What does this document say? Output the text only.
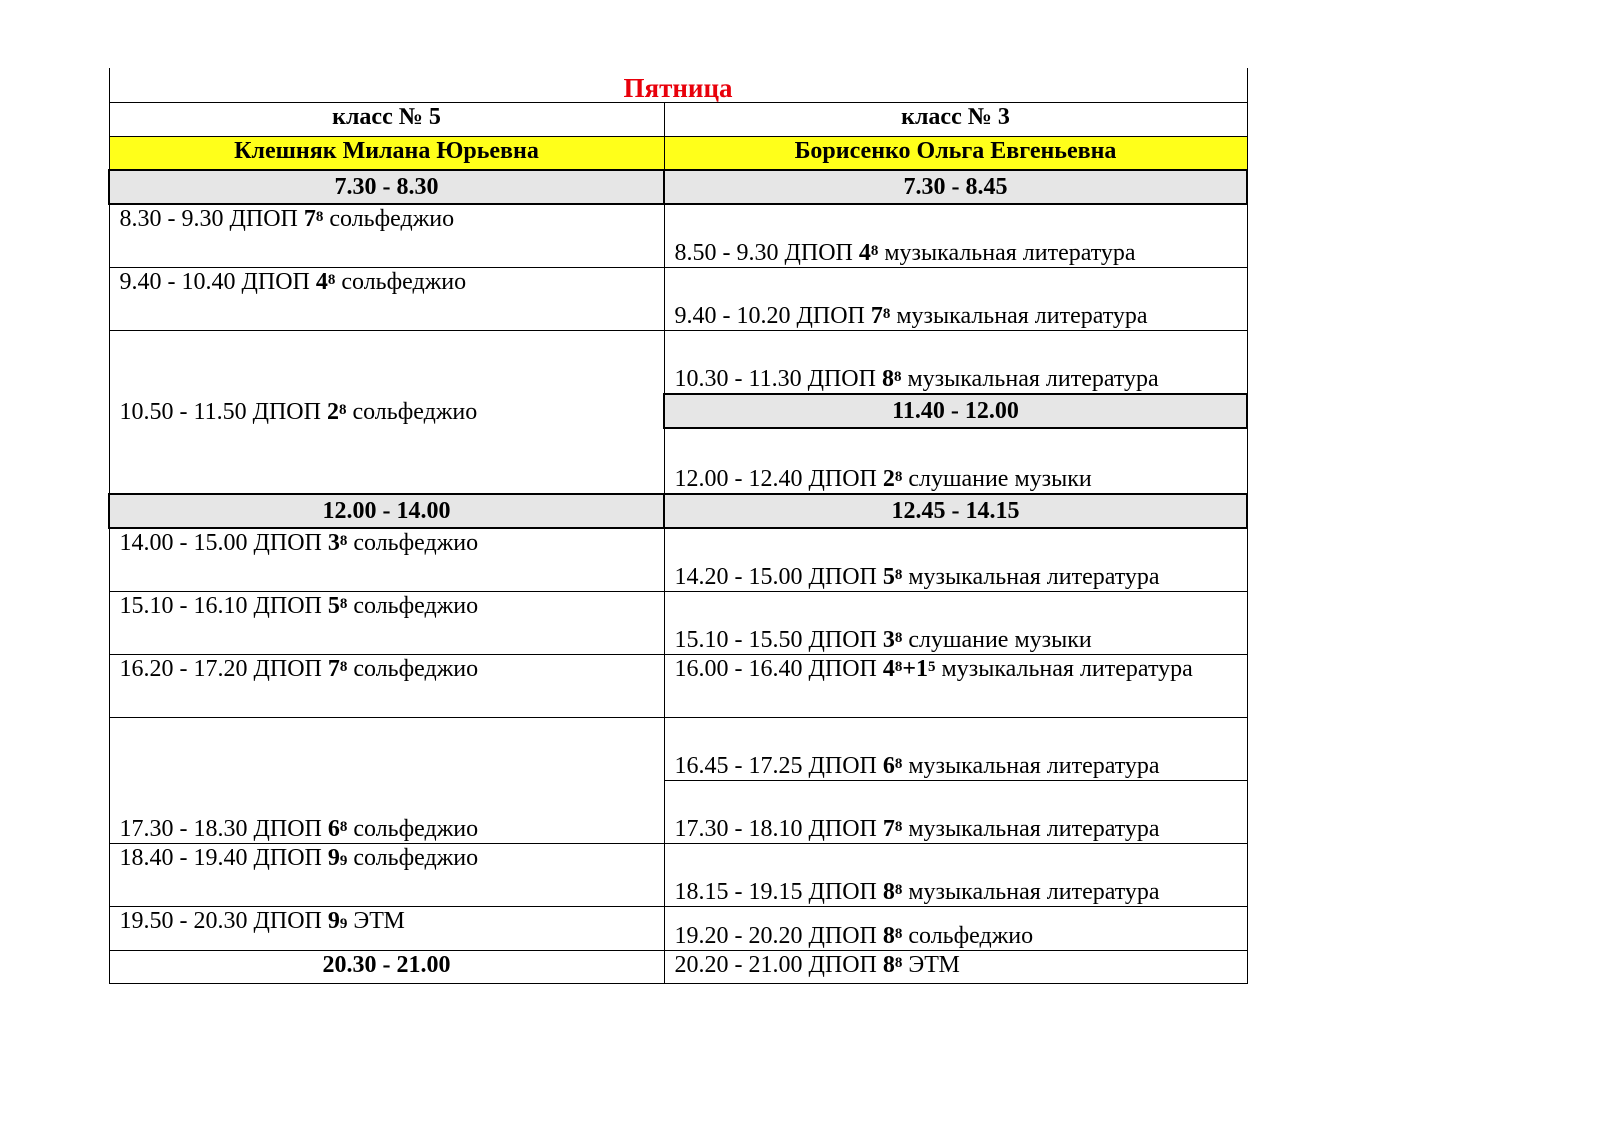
Пятница	
класс № 5	класс № 3
Клешняк Милана Юрьевна	Борисенко Ольга Евгеньевна
7.30 - 8.30	7.30 - 8.45
8.30 - 9.30 ДПОП $7^8$ сольфеджио	8.50 - 9.30 ДПОП $4^8$ музыкальная литература
9.40 - 10.40 ДПОП $4^8$ сольфеджио	9.40 - 10.20 ДПОП $7^8$ музыкальная литература
10.50 - 11.50 ДПОП $2^8$ сольфеджио	10.30 - 11.30 ДПОП $8^8$ музыкальная литература
	11.40 - 12.00
	12.00 - 12.40 ДПОП $2^8$ слушание музыки
12.00 - 14.00	12.45 - 14.15
14.00 - 15.00 ДПОП $3^8$ сольфеджио	14.20 - 15.00 ДПОП $5^8$ музыкальная литература
15.10 - 16.10 ДПОП $5^8$ сольфеджио	15.10 - 15.50 ДПОП $3^8$ слушание музыки
16.20 - 17.20 ДПОП $7^8$ сольфеджио	16.00 - 16.40 ДПОП $4^8+1^5$ музыкальная литература
17.30 - 18.30 ДПОП $6^8$ сольфеджио	16.45 - 17.25 ДПОП $6^8$ музыкальная литература
	17.30 - 18.10 ДПОП $7^8$ музыкальная литература
18.40 - 19.40 ДПОП 99 сольфеджио	18.15 - 19.15 ДПОП $8^8$ музыкальная литература
19.50 - 20.30 ДПОП 99 ЭТМ	19.20 - 20.20 ДПОП $8^8$ сольфеджио
20.30 - 21.00	20.20 - 21.00 ДПОП $8^8$ ЭТМ
